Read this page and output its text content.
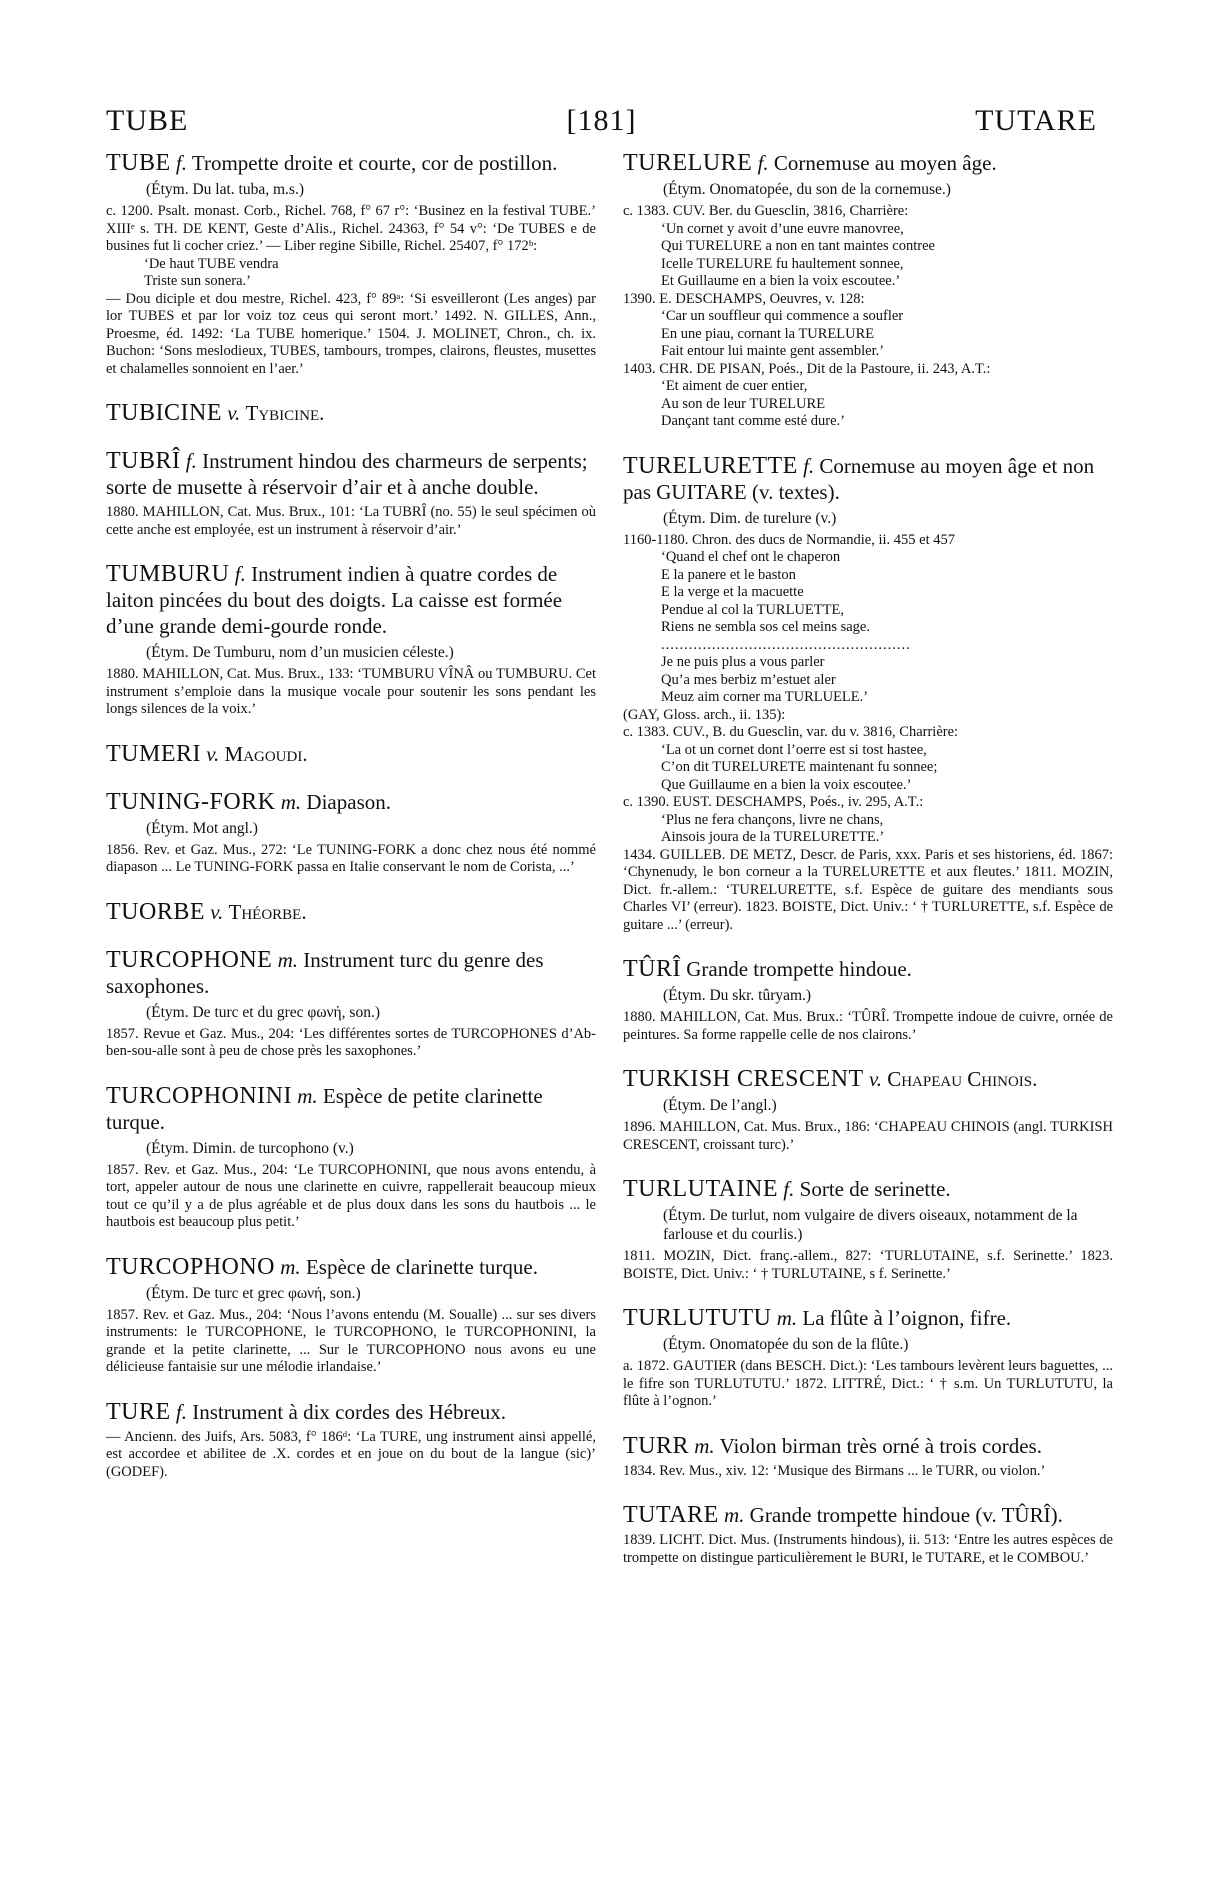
TUBE	[181]	TUTARE

TUBE f. Trompette droite et courte, cor de postillon.

(Étym. Du lat. tuba, m.s.)

c. 1200. Psalt. monast. Corb., Richel. 768, f° 67 r°: ‘Businez en la festival TUBE.’ XIIIᵉ s. TH. DE KENT, Geste d’Alis., Richel. 24363, f° 54 v°: ‘De TUBES e de busines fut li cocher criez.’ — Liber regine Sibille, Richel. 25407, f° 172ᵇ:

‘De haut TUBE vendra

Triste sun sonera.’

— Dou diciple et dou mestre, Richel. 423, f° 89ᵃ: ‘Si esveilleront (Les anges) par lor TUBES et par lor voiz toz ceus qui seront mort.’ 1492. N. GILLES, Ann., Proesme, éd. 1492: ‘La TUBE homerique.’ 1504. J. MOLINET, Chron., ch. ix. Buchon: ‘Sons meslodieux, TUBES, tambours, trompes, clairons, fleustes, musettes et chalamelles sonnoient en l’aer.’

TUBICINE v. Tybicine.

TUBRÎ f. Instrument hindou des charmeurs de serpents; sorte de musette à réservoir d’air et à anche double.

1880. MAHILLON, Cat. Mus. Brux., 101: ‘La TUBRÎ (no. 55) le seul spécimen où cette anche est employée, est un instrument à réservoir d’air.’

TUMBURU f. Instrument indien à quatre cordes de laiton pincées du bout des doigts. La caisse est formée d’une grande demi-gourde ronde.

(Étym. De Tumburu, nom d’un musicien céleste.)

1880. MAHILLON, Cat. Mus. Brux., 133: ‘TUMBURU VÎNÂ ou TUMBURU. Cet instrument s’emploie dans la musique vocale pour soutenir les sons pendant les longs silences de la voix.’

TUMERI v. Magoudi.

TUNING-FORK m. Diapason.

(Étym. Mot angl.)

1856. Rev. et Gaz. Mus., 272: ‘Le TUNING-FORK a donc chez nous été nommé diapason ... Le TUNING-FORK passa en Italie conservant le nom de Corista, ...’

TUORBE v. Théorbe.

TURCOPHONE m. Instrument turc du genre des saxophones.

(Étym. De turc et du grec φωνή, son.)

1857. Revue et Gaz. Mus., 204: ‘Les différentes sortes de TURCOPHONES d’Ab-ben-sou-alle sont à peu de chose près les saxophones.’

TURCOPHONINI m. Espèce de petite clarinette turque.

(Étym. Dimin. de turcophono (v.)

1857. Rev. et Gaz. Mus., 204: ‘Le TURCOPHONINI, que nous avons entendu, à tort, appeler autour de nous une clarinette en cuivre, rappellerait beaucoup mieux tout ce qu’il y a de plus agréable et de plus doux dans les sons du hautbois ... le hautbois est beaucoup plus petit.’

TURCOPHONO m. Espèce de clarinette turque.

(Étym. De turc et grec φωνή, son.)

1857. Rev. et Gaz. Mus., 204: ‘Nous l’avons entendu (M. Soualle) ... sur ses divers instruments: le TURCOPHONE, le TURCOPHONO, le TURCOPHONINI, la grande et la petite clarinette, ... Sur le TURCOPHONO nous avons eu une délicieuse fantaisie sur une mélodie irlandaise.’

TURE f. Instrument à dix cordes des Hébreux.

— Ancienn. des Juifs, Ars. 5083, f° 186ᵈ: ‘La TURE, ung instrument ainsi appellé, est accordee et abilitee de .X. cordes et en joue on du bout de la langue (sic)’ (GODEF).

TURELURE f. Cornemuse au moyen âge.

(Étym. Onomatopée, du son de la cornemuse.)

c. 1383. CUV. Ber. du Guesclin, 3816, Charrière:

‘Un cornet y avoit d’une euvre manovree,

Qui TURELURE a non en tant maintes contree

Icelle TURELURE fu haultement sonnee,

Et Guillaume en a bien la voix escoutee.’

1390. E. DESCHAMPS, Oeuvres, v. 128:

‘Car un souffleur qui commence a soufler

En une piau, cornant la TURELURE

Fait entour lui mainte gent assembler.’

1403. CHR. DE PISAN, Poés., Dit de la Pastoure, ii. 243, A.T.:

‘Et aiment de cuer entier,

Au son de leur TURELURE

Dançant tant comme esté dure.’

TURELURETTE f. Cornemuse au moyen âge et non pas GUITARE (v. textes).

(Étym. Dim. de turelure (v.)

1160-1180. Chron. des ducs de Normandie, ii. 455 et 457

‘Quand el chef ont le chaperon

E la panere et le baston

E la verge et la macuette

Pendue al col la TURLUETTE,

Riens ne sembla sos cel meins sage.

......................................................

Je ne puis plus a vous parler

Qu’a mes berbiz m’estuet aler

Meuz aim corner ma TURLUELE.’

(GAY, Gloss. arch., ii. 135):

c. 1383. CUV., B. du Guesclin, var. du v. 3816, Charrière:

‘La ot un cornet dont l’oerre est si tost hastee,

C’on dit TURELURETE maintenant fu sonnee;

Que Guillaume en a bien la voix escoutee.’

c. 1390. EUST. DESCHAMPS, Poés., iv. 295, A.T.:

‘Plus ne fera chançons, livre ne chans,

Ainsois joura de la TURELURETTE.’

1434. GUILLEB. DE METZ, Descr. de Paris, xxx. Paris et ses historiens, éd. 1867: ‘Chynenudy, le bon corneur a la TURELURETTE et aux fleutes.’ 1811. MOZIN, Dict. fr.-allem.: ‘TURELURETTE, s.f. Espèce de guitare des mendiants sous Charles VI’ (erreur). 1823. BOISTE, Dict. Univ.: ‘ † TURLURETTE, s.f. Espèce de guitare ...’ (erreur).

TÛRÎ Grande trompette hindoue.

(Étym. Du skr. tûryam.)

1880. MAHILLON, Cat. Mus. Brux.: ‘TÛRÎ. Trompette indoue de cuivre, ornée de peintures. Sa forme rappelle celle de nos clairons.’

TURKISH CRESCENT v. Chapeau Chinois.

(Étym. De l’angl.)

1896. MAHILLON, Cat. Mus. Brux., 186: ‘CHAPEAU CHINOIS (angl. TURKISH CRESCENT, croissant turc).’

TURLUTAINE f. Sorte de serinette.

(Étym. De turlut, nom vulgaire de divers oiseaux, notamment de la farlouse et du courlis.)

1811. MOZIN, Dict. franç.-allem., 827: ‘TURLUTAINE, s.f. Serinette.’ 1823. BOISTE, Dict. Univ.: ‘ † TURLUTAINE, s f. Serinette.’

TURLUTUTU m. La flûte à l’oignon, fifre.

(Étym. Onomatopée du son de la flûte.)

a. 1872. GAUTIER (dans BESCH. Dict.): ‘Les tambours levèrent leurs baguettes, ... le fifre son TURLUTUTU.’ 1872. LITTRÉ, Dict.: ‘ † s.m. Un TURLUTUTU, la flûte à l’ognon.’

TURR m. Violon birman très orné à trois cordes.

1834. Rev. Mus., xiv. 12: ‘Musique des Birmans ... le TURR, ou violon.’

TUTARE m. Grande trompette hindoue (v. TÛRÎ).

1839. LICHT. Dict. Mus. (Instruments hindous), ii. 513: ‘Entre les autres espèces de trompette on distingue particulièrement le BURI, le TUTARE, et le COMBOU.’
